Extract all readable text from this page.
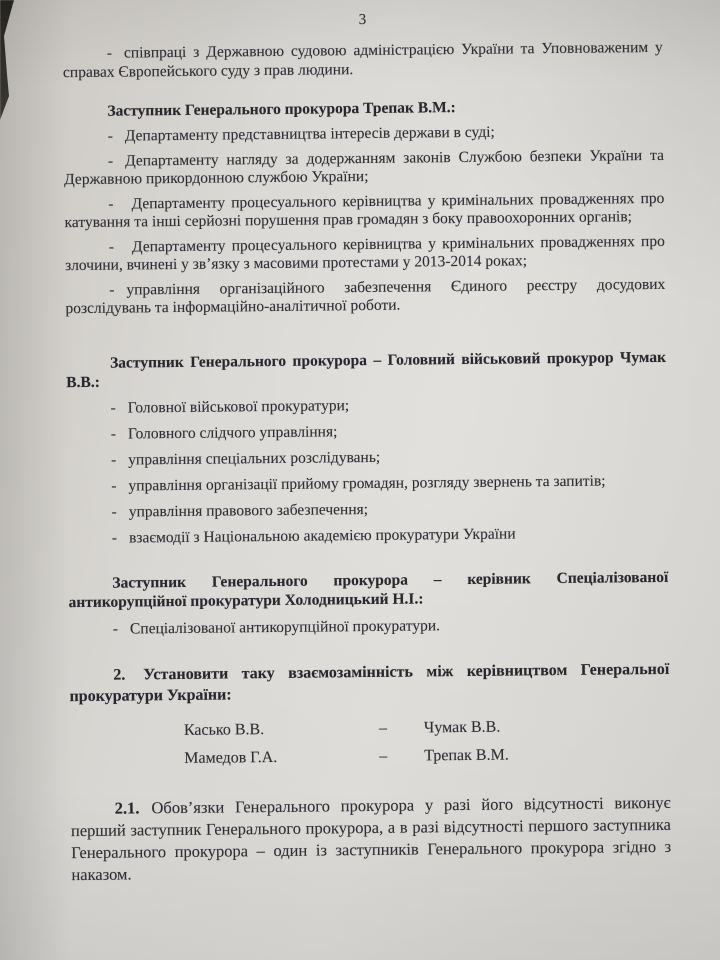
3

- співпраці з Державною судовою адміністрацією України та Уповноваженим у справах Європейського суду з прав людини.

Заступник Генерального прокурора Трепак В.М.:

- Департаменту представництва інтересів держави в суді;

- Департаменту нагляду за додержанням законів Службою безпеки України та Державною прикордонною службою України;

- Департаменту процесуального керівництва у кримінальних провадженнях про катування та інші серйозні порушення прав громадян з боку правоохоронних органів;

- Департаменту процесуального керівництва у кримінальних провадженнях про злочини, вчинені у зв’язку з масовими протестами у 2013-2014 роках;

- управління організаційного забезпечення Єдиного реєстру досудових розслідувань та інформаційно-аналітичної роботи.

Заступник Генерального прокурора – Головний військовий прокурор Чумак В.В.:

- Головної військової прокуратури;

- Головного слідчого управління;

- управління спеціальних розслідувань;

- управління організації прийому громадян, розгляду звернень та запитів;

- управління правового забезпечення;

- взаємодії з Національною академією прокуратури України

Заступник Генерального прокурора – керівник Спеціалізованої антикорупційної прокуратури Холодницький Н.І.:

- Спеціалізованої антикорупційної прокуратури.

2. Установити таку взаємозамінність між керівництвом Генеральної прокуратури України:

Касько В.В.	–	Чумак В.В.
Мамедов Г.А.	–	Трепак В.М.

2.1. Обов’язки Генерального прокурора у разі його відсутності виконує перший заступник Генерального прокурора, а в разі відсутності першого заступника Генерального прокурора – один із заступників Генерального прокурора згідно з наказом.
